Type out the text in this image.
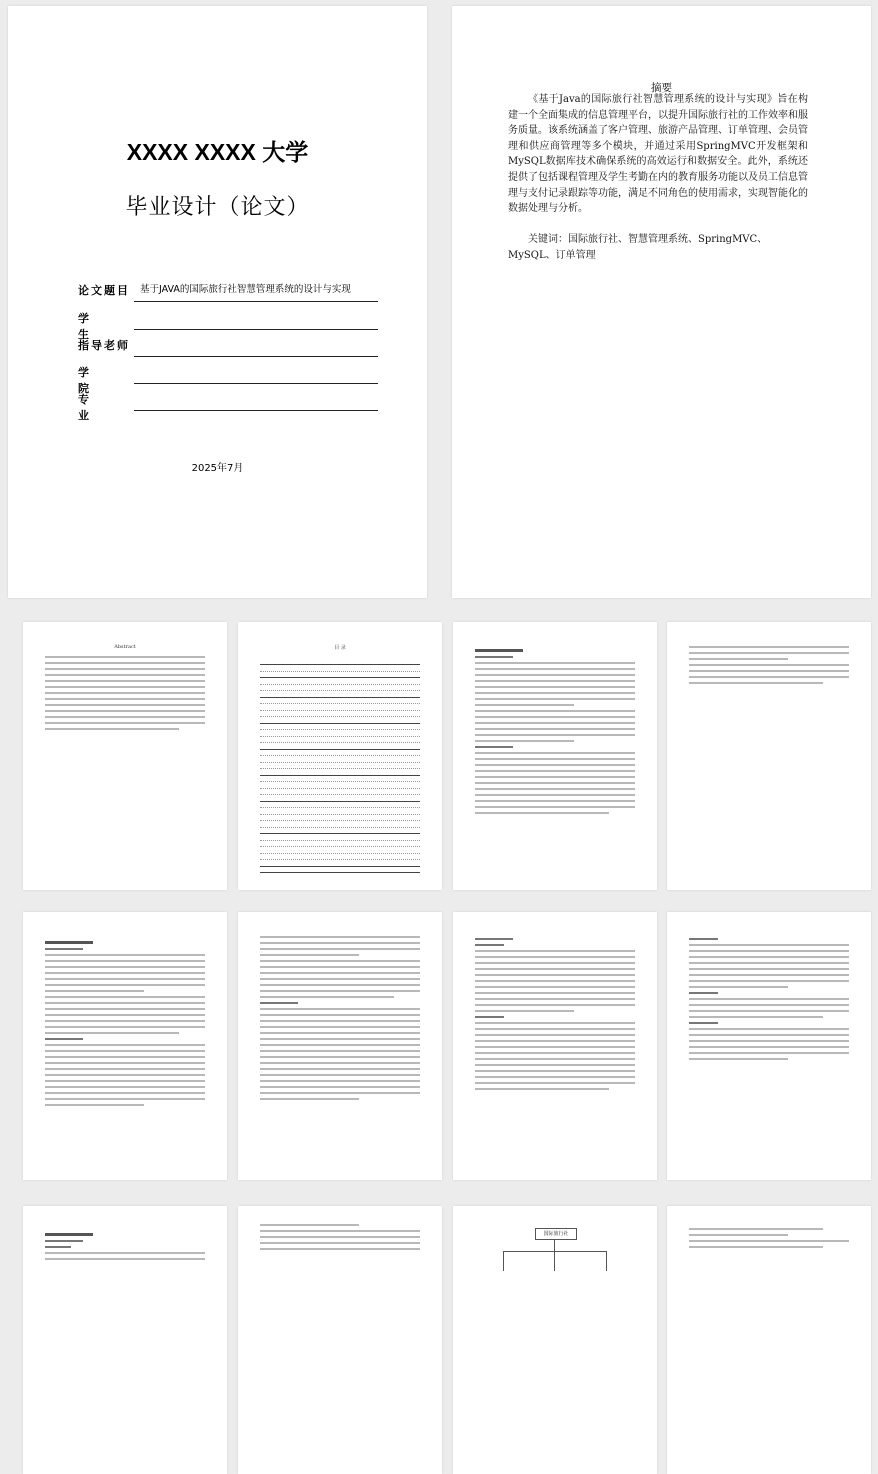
XXXX XXXX 大学
毕业设计（论文）
论文题目 基于JAVA的国际旅行社智慧管理系统的设计与实现
学生
指导老师
学院
专业
2025年7月
摘要

《基于Java的国际旅行社智慧管理系统的设计与实现》旨在构建一个全面集成的信息管理平台，以提升国际旅行社的工作效率和服务质量。该系统涵盖了客户管理、旅游产品管理、订单管理、会员管理和供应商管理等多个模块，并通过采用SpringMVC开发框架和MySQL数据库技术确保系统的高效运行和数据安全。此外，系统还提供了包括课程管理及学生考勤在内的教育服务功能以及员工信息管理与支付记录跟踪等功能，满足不同角色的使用需求，实现智能化的数据处理与分析。

关键词：国际旅行社、智慧管理系统、SpringMVC、MySQL、订单管理

Abstract	目 录
国际旅行社
